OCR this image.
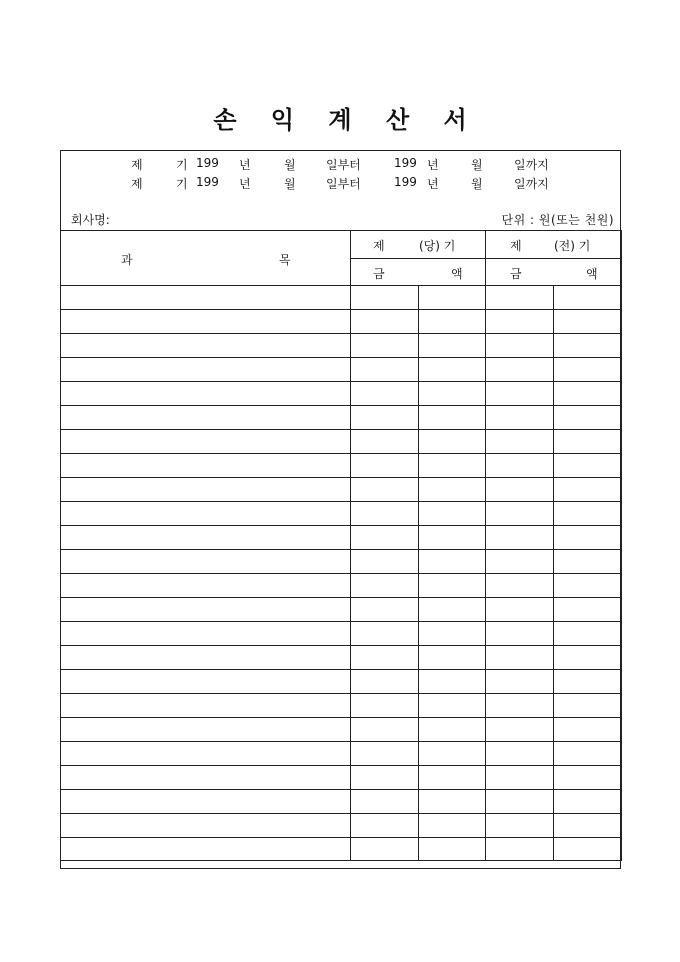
손 익 계 산 서
제	기 199 년	월	일부터	199 년	월	일까지
제	기 199 년	월	일부터	199 년	월	일까지
회사명:	단위 : 원(또는 천원)
과 목	제 (당) 기		제 (전) 기	

	금 액		금 액	
